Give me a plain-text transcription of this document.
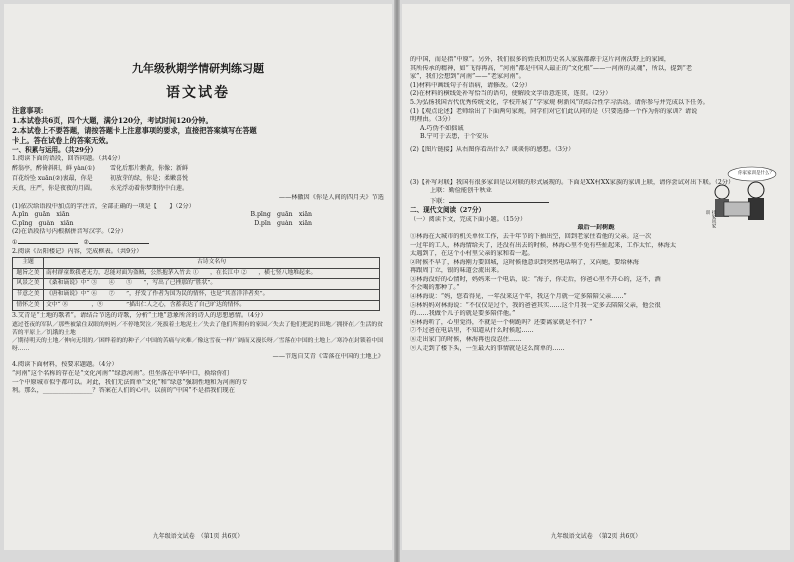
九年级秋期学情研判练习题
语文试卷
注意事项:
1.本试卷共6页，四个大题，满分120分，考试时间120分钟。
2.本试卷上不要答题，请按答题卡上注意事项的要求，直接把答案填写在答题
卡上。答在试卷上的答案无效。
一、积累与运用。（共29分）
1.阅读下面的语段，回答问题。（共4分）
醉翁亭，醉倚斜阳，鲜 yàn(①)
百花纷坠 xuān(②)衷最，你是
天真，庄严，你是夜夜的月圆。
雪化后那片鹅黄，你像；新鲜
初放芽的绿，你是；柔嫩喜悦
水光浮动着你梦期待中白莲。
——林徽因《你是人间的四月天》节选
(1)依次给语段中加点的字注音，全部正确的一项是【　　】（2分）
A.pīn　guān　xiān	B.pīng　guān　xiān
C.pīng　guàn　xiān	D.pīn　guàn　xiān
(2)在语段括号内根据拼音写汉字。（2分）
①	②
2.阅读《岳阳楼记》内容，完成框表。（共9分）
主题	古诗文名句
题旨之美	南村群童欺我老无力，忍能对面为盗贼，公然抱茅入竹去 ①　　，在长江中 ②　　，横七竖八地堆起来。
风景之美	《桑和谪说》中“ ③　　④　　⑤　　”，写出了已挫那的“胜状”。
节意之美	《唐和谪说》中“ ⑥　　⑦　　”，抒发了作者为国为民的情怀，也是“其喜洋洋者矣”。
情怀之美	文中“ ⑧　　　　，⑨　　　　”描出仁人之心，含蓄表达了自己旷达的情怀。
3.艾青是“土地的歌者”。请结合节选的诗歌，分析“土地”意象所含的诗人的思想感情。（4分）
遮过苍夜的军队／那些被蒙住双眼的妈妈／不停地哭泣／死拔着土地泥士／失去了他们所拥有的家园／失去了他们把泥的田地／拥挤在／生活的贫苦的平原上／饥饿的土地
／期待明天的土地／伸向无垠的／困绊着的的种子／中国的苦痛与灾难／像这雪夜一样广阔而又漫长呀／雪落在中国的土地上／寒冷在封锁着中国呀……
——节选自艾青《雪落在中国的土地上》
4.阅读下面材料，按要求题题。（4分）
“河南”这个名称的存在是“文化河南”“绿意河南”。但坐落在中华中口，换给你们
一个中原城市似乎都可以。对此，我们无法简单“文化”和“绿意”强制性地和为河南的专
利。那么，________________？答案在人们的心中。以前的“中国”不是指我们现在
九年级语文试卷　（第1页 共6页）
的中国，而是指“中原”。另外，我们很多的姓氏和历史名人家族都源于这片河南沃野上的家园，
其所传承的精神，如“飞得再高，“河南”都是中国人最正的“文化根”——一河南的灵魂”，所以，提到“老
家”，我们会想到“河南”——“老家河南”。
(1)材料中画线句子有语病，请修改。（2分）
(2)在材料的横线处补写恰当的语句，使解段文字语意连贯，连贯。（2分）
5.为弘扬我国古代优秀传统文化，学校开展了“学家规 树新风”的综合性学习活动。请你参与并完成以下任务。
(1)【观点论述】老师给出了下面两句家规，同学们对它们此认同的是（只要选择一个作为你的家训？请说明理由。（3分）
A.巧伪不如拙诚
B.宁可于去患，于个安乐
(2)【图片链接】从右图你看出什么？谈谈你的感想。（3分）
你家家训是什么？
找家风家训
(3)【补写对联】我国有很多家训是以对联的形式展现的。下面是XX村XX家族的家训上联，请你尝试对出下联。（2分）
上联：勤俭能创千秋业
下联：
二、现代文阅读（27分）
（一）阅读下文，完成下面小题。（15分）
最后一封树跪
①林海在大城市的机关单位工作，去千年节的下抽出空，回到老家住看他的父亲。这一次
一过年的工人，林海情给天了，还没有出去的时候，林海心里不免有些扯起来，工作太忙，林海太
太遇到了，在这个小村里父亲的家和看一起。
②时候不早了，林海刚力要回城，这时候他意识到突然电话响了，又向她，要给林海
再跟周丁立，银的味道会流出来。
③林海没好的心情时，妈妈来一个电话，说：“海子，你走后，你爸心里不开心的，这不，酒
不会喝的那种了。”
④林海说：“妈，您看得见，一年没来这个年，我这个月就一定多陪陪父亲……”
⑤林妈妈对林海说：“不仅仅是过个，我的爸爸其实……这个月我一定多去陪陪父亲，他会很
的……我做个儿子的就是要多陪伴他。”
⑥林海听了，心里觉得，不就是一个树跪吗？还要离家就是不行？”
⑦不过爸在电话里，不知道从什么时候起……
⑧走出家门的时候，林海再也没忍住……
⑨人走到了楼下头，一生最大的事情就是这么简单的……
九年级语文试卷　（第2页 共6页）
